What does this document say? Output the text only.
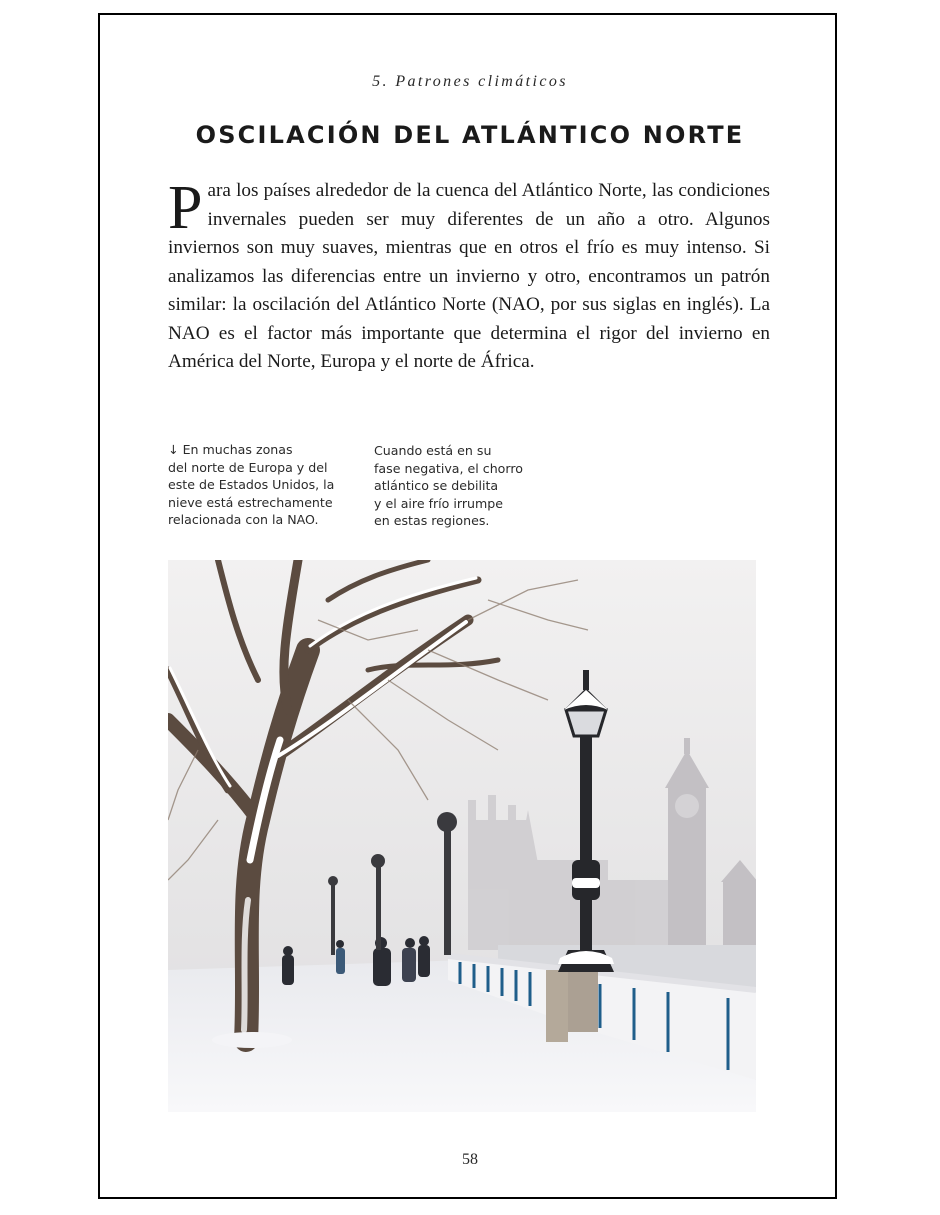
5. Patrones climáticos
OSCILACIÓN DEL ATLÁNTICO NORTE
Para los países alrededor de la cuenca del Atlántico Norte, las condiciones invernales pueden ser muy diferentes de un año a otro. Algunos inviernos son muy suaves, mientras que en otros el frío es muy intenso. Si analizamos las diferencias entre un invierno y otro, encontramos un patrón similar: la oscilación del Atlántico Norte (NAO, por sus siglas en inglés). La NAO es el factor más importante que determina el rigor del invierno en América del Norte, Europa y el norte de África.
↓ En muchas zonas
del norte de Europa y del
este de Estados Unidos, la
nieve está estrechamente
relacionada con la NAO.
Cuando está en su
fase negativa, el chorro
atlántico se debilita
y el aire frío irrumpe
en estas regiones.
58
